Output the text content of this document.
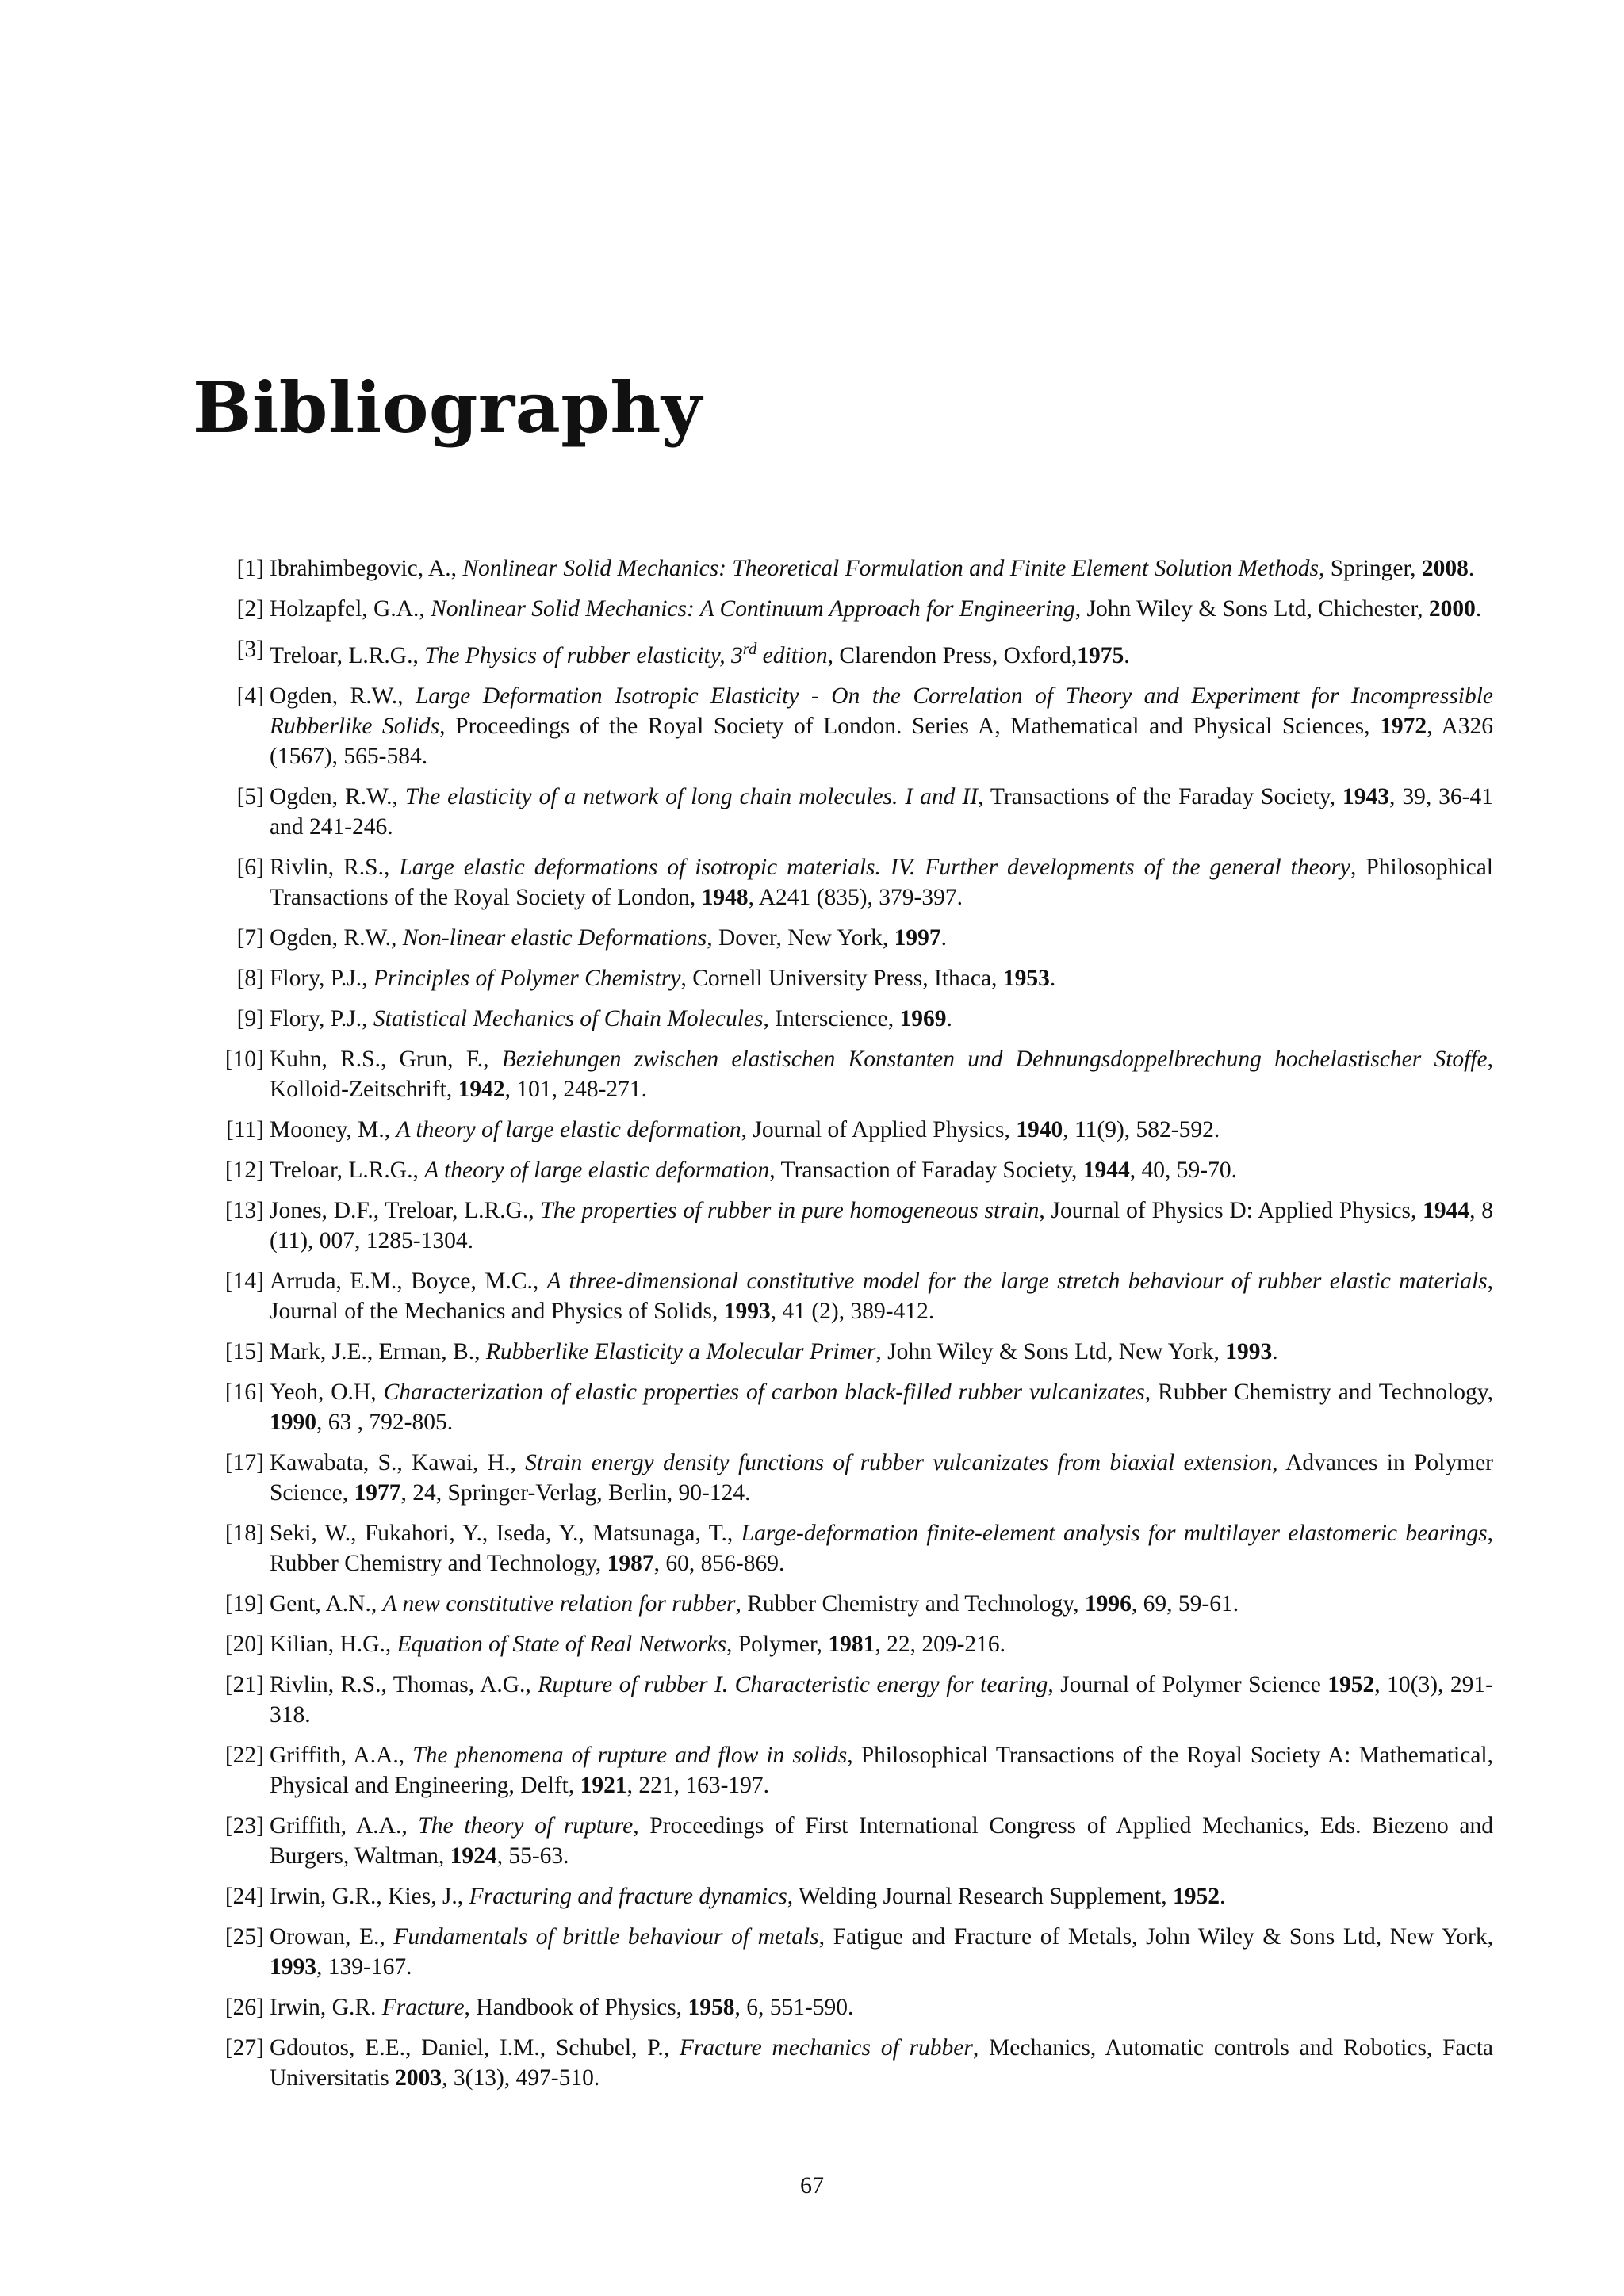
Bibliography
[1] Ibrahimbegovic, A., Nonlinear Solid Mechanics: Theoretical Formulation and Finite Element Solution Methods, Springer, 2008.
[2] Holzapfel, G.A., Nonlinear Solid Mechanics: A Continuum Approach for Engineering, John Wiley & Sons Ltd, Chichester, 2000.
[3] Treloar, L.R.G., The Physics of rubber elasticity, 3rd edition, Clarendon Press, Oxford,1975.
[4] Ogden, R.W., Large Deformation Isotropic Elasticity - On the Correlation of Theory and Experiment for Incompressible Rubberlike Solids, Proceedings of the Royal Society of London. Series A, Mathematical and Physical Sciences, 1972, A326 (1567), 565-584.
[5] Ogden, R.W., The elasticity of a network of long chain molecules. I and II, Transactions of the Faraday Society, 1943, 39, 36-41 and 241-246.
[6] Rivlin, R.S., Large elastic deformations of isotropic materials. IV. Further developments of the general theory, Philosophical Transactions of the Royal Society of London, 1948, A241 (835), 379-397.
[7] Ogden, R.W., Non-linear elastic Deformations, Dover, New York, 1997.
[8] Flory, P.J., Principles of Polymer Chemistry, Cornell University Press, Ithaca, 1953.
[9] Flory, P.J., Statistical Mechanics of Chain Molecules, Interscience, 1969.
[10] Kuhn, R.S., Grun, F., Beziehungen zwischen elastischen Konstanten und Dehnungsdoppelbrechung hochelastischer Stoffe, Kolloid-Zeitschrift, 1942, 101, 248-271.
[11] Mooney, M., A theory of large elastic deformation, Journal of Applied Physics, 1940, 11(9), 582-592.
[12] Treloar, L.R.G., A theory of large elastic deformation, Transaction of Faraday Society, 1944, 40, 59-70.
[13] Jones, D.F., Treloar, L.R.G., The properties of rubber in pure homogeneous strain, Journal of Physics D: Applied Physics, 1944, 8 (11), 007, 1285-1304.
[14] Arruda, E.M., Boyce, M.C., A three-dimensional constitutive model for the large stretch behaviour of rubber elastic materials, Journal of the Mechanics and Physics of Solids, 1993, 41 (2), 389-412.
[15] Mark, J.E., Erman, B., Rubberlike Elasticity a Molecular Primer, John Wiley & Sons Ltd, New York, 1993.
[16] Yeoh, O.H, Characterization of elastic properties of carbon black-filled rubber vulcanizates, Rubber Chemistry and Technology, 1990, 63 , 792-805.
[17] Kawabata, S., Kawai, H., Strain energy density functions of rubber vulcanizates from biaxial extension, Advances in Polymer Science, 1977, 24, Springer-Verlag, Berlin, 90-124.
[18] Seki, W., Fukahori, Y., Iseda, Y., Matsunaga, T., Large-deformation finite-element analysis for multilayer elastomeric bearings, Rubber Chemistry and Technology, 1987, 60, 856-869.
[19] Gent, A.N., A new constitutive relation for rubber, Rubber Chemistry and Technology, 1996, 69, 59-61.
[20] Kilian, H.G., Equation of State of Real Networks, Polymer, 1981, 22, 209-216.
[21] Rivlin, R.S., Thomas, A.G., Rupture of rubber I. Characteristic energy for tearing, Journal of Polymer Science 1952, 10(3), 291-318.
[22] Griffith, A.A., The phenomena of rupture and flow in solids, Philosophical Transactions of the Royal Society A: Mathematical, Physical and Engineering, Delft, 1921, 221, 163-197.
[23] Griffith, A.A., The theory of rupture, Proceedings of First International Congress of Applied Mechanics, Eds. Biezeno and Burgers, Waltman, 1924, 55-63.
[24] Irwin, G.R., Kies, J., Fracturing and fracture dynamics, Welding Journal Research Supplement, 1952.
[25] Orowan, E., Fundamentals of brittle behaviour of metals, Fatigue and Fracture of Metals, John Wiley & Sons Ltd, New York, 1993, 139-167.
[26] Irwin, G.R. Fracture, Handbook of Physics, 1958, 6, 551-590.
[27] Gdoutos, E.E., Daniel, I.M., Schubel, P., Fracture mechanics of rubber, Mechanics, Automatic controls and Robotics, Facta Universitatis 2003, 3(13), 497-510.
67
